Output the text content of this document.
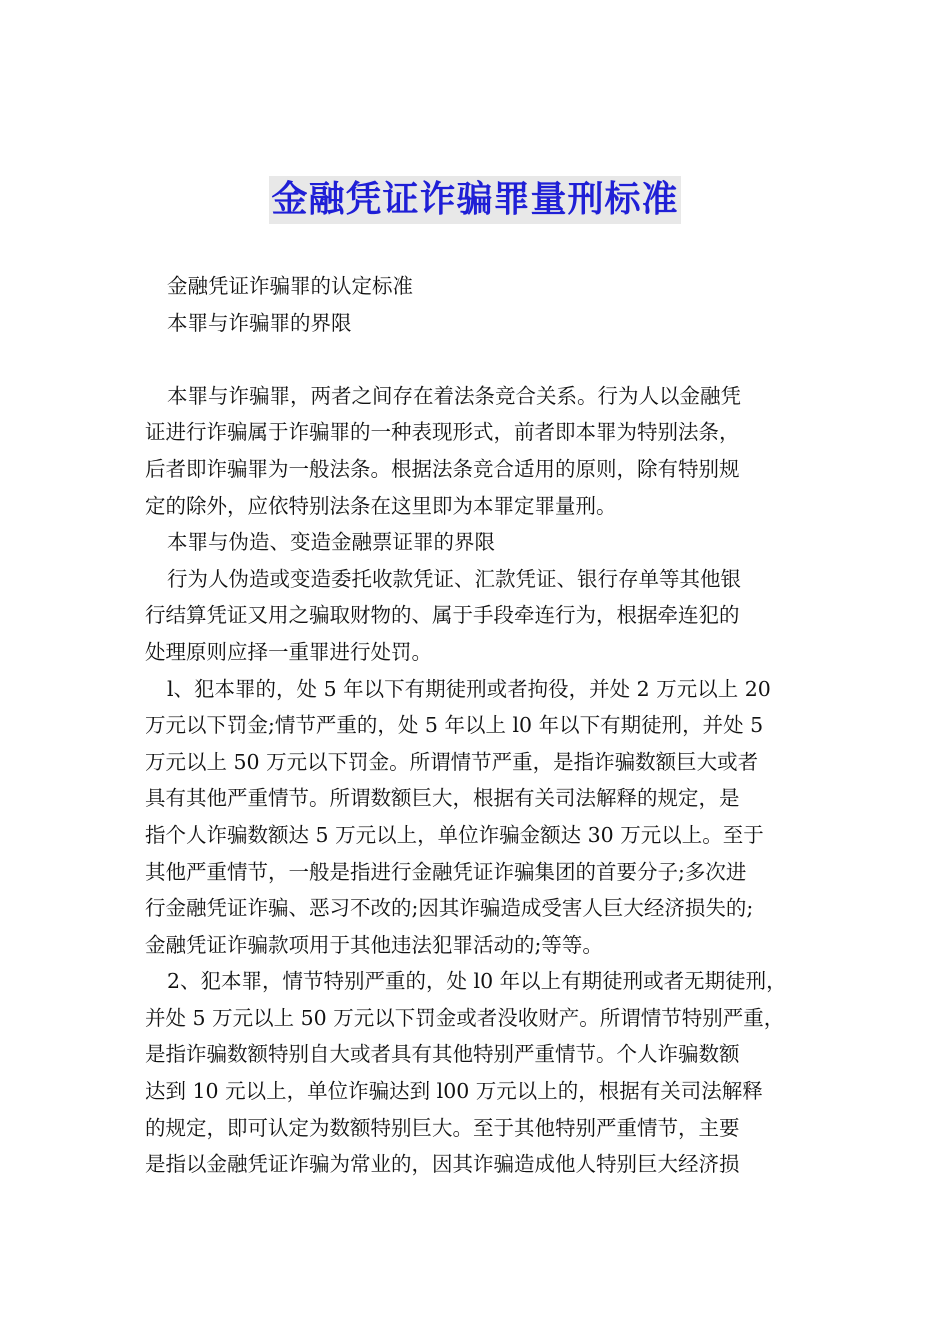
金融凭证诈骗罪量刑标准
金融凭证诈骗罪的认定标准
本罪与诈骗罪的界限
本罪与诈骗罪，两者之间存在着法条竞合关系。行为人以金融凭
证进行诈骗属于诈骗罪的一种表现形式，前者即本罪为特别法条，
后者即诈骗罪为一般法条。根据法条竞合适用的原则，除有特别规
定的除外，应依特别法条在这里即为本罪定罪量刑。
本罪与伪造、变造金融票证罪的界限
行为人伪造或变造委托收款凭证、汇款凭证、银行存单等其他银
行结算凭证又用之骗取财物的、属于手段牵连行为，根据牵连犯的
处理原则应择一重罪进行处罚。
l、犯本罪的，处 5 年以下有期徒刑或者拘役，并处 2 万元以上 20
万元以下罚金;情节严重的，处 5 年以上 l0 年以下有期徒刑，并处 5
万元以上 50 万元以下罚金。所谓情节严重，是指诈骗数额巨大或者
具有其他严重情节。所谓数额巨大，根据有关司法解释的规定，是
指个人诈骗数额达 5 万元以上，单位诈骗金额达 30 万元以上。至于
其他严重情节，一般是指进行金融凭证诈骗集团的首要分子;多次进
行金融凭证诈骗、恶习不改的;因其诈骗造成受害人巨大经济损失的;
金融凭证诈骗款项用于其他违法犯罪活动的;等等。
2、犯本罪，情节特别严重的，处 l0 年以上有期徒刑或者无期徒刑，
并处 5 万元以上 50 万元以下罚金或者没收财产。所谓情节特别严重，
是指诈骗数额特别自大或者具有其他特别严重情节。个人诈骗数额
达到 10 元以上，单位诈骗达到 l00 万元以上的，根据有关司法解释
的规定，即可认定为数额特别巨大。至于其他特别严重情节，主要
是指以金融凭证诈骗为常业的，因其诈骗造成他人特别巨大经济损
